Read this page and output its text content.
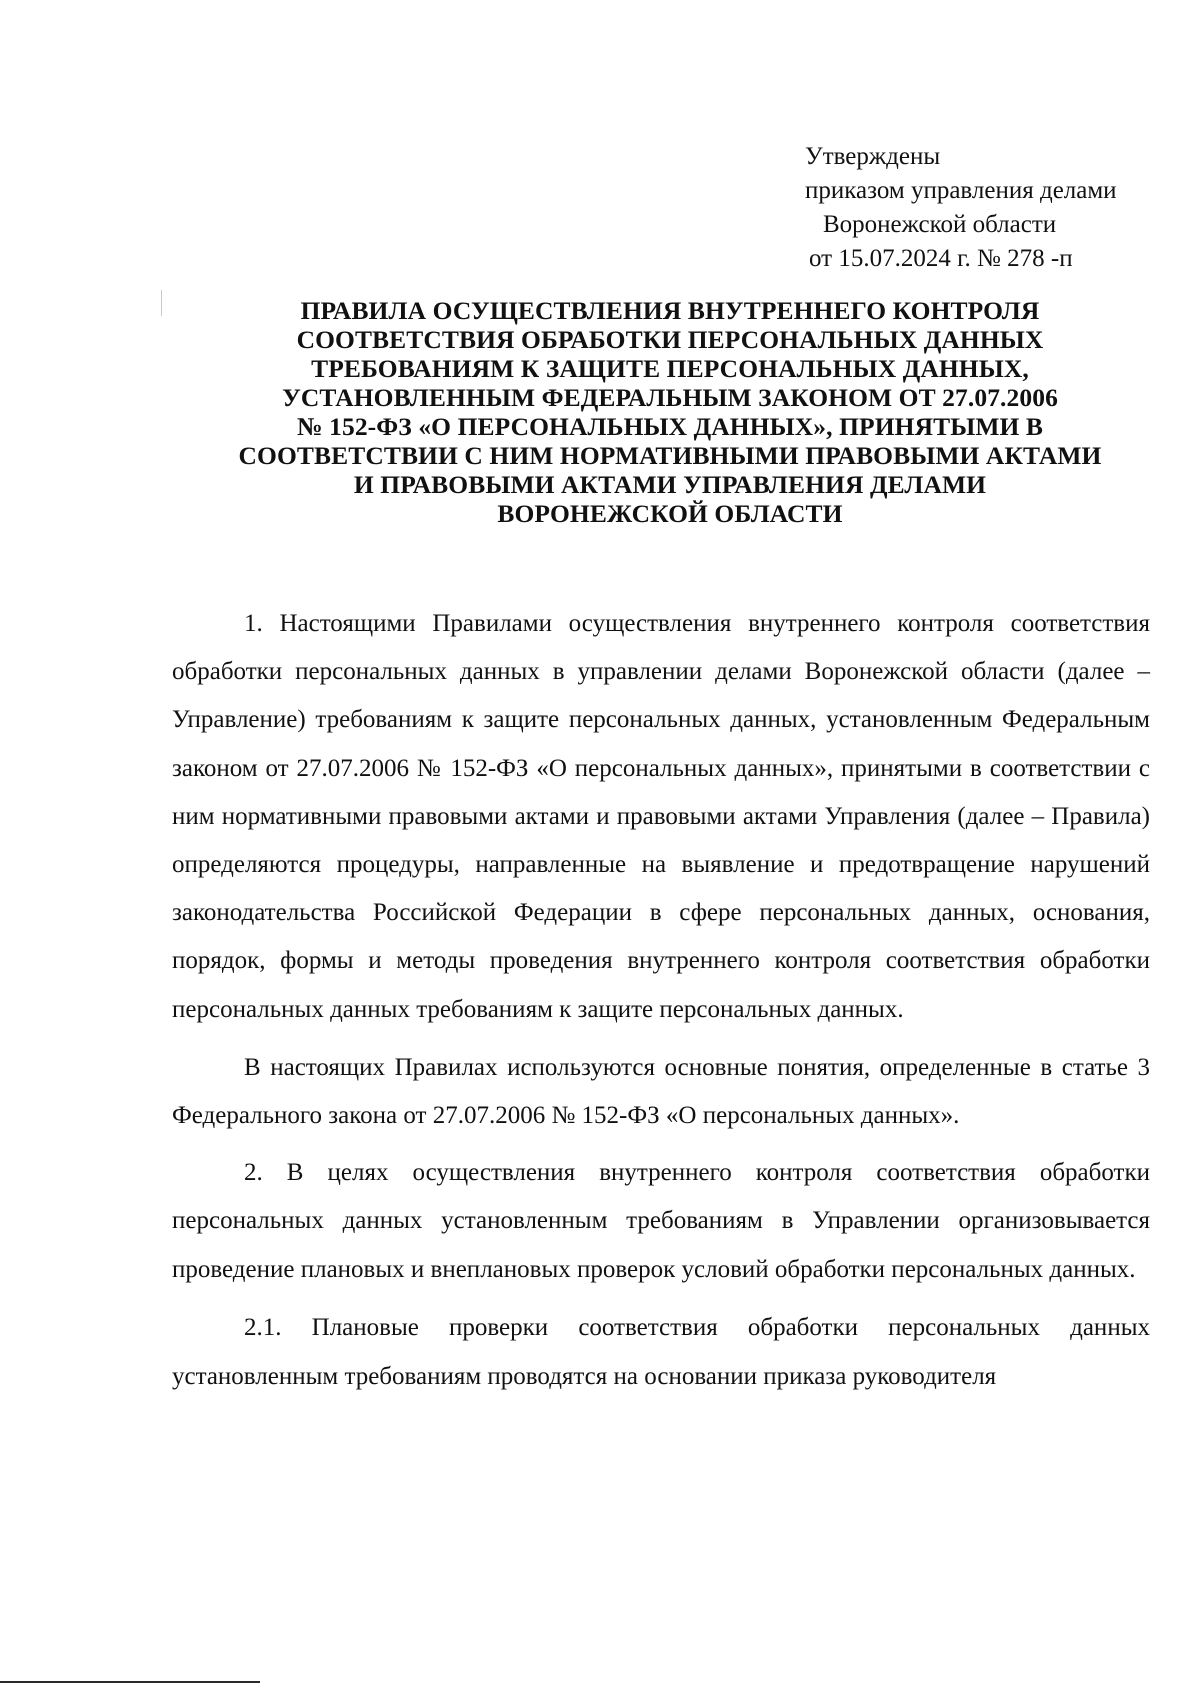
Утверждены
приказом управления делами
Воронежской области
от 15.07.2024 г. № 278 -п
ПРАВИЛА ОСУЩЕСТВЛЕНИЯ ВНУТРЕННЕГО КОНТРОЛЯ
СООТВЕТСТВИЯ ОБРАБОТКИ ПЕРСОНАЛЬНЫХ ДАННЫХ
ТРЕБОВАНИЯМ К ЗАЩИТЕ ПЕРСОНАЛЬНЫХ ДАННЫХ,
УСТАНОВЛЕННЫМ ФЕДЕРАЛЬНЫМ ЗАКОНОМ ОТ 27.07.2006
№ 152-ФЗ «О ПЕРСОНАЛЬНЫХ ДАННЫХ», ПРИНЯТЫМИ В
СООТВЕТСТВИИ С НИМ НОРМАТИВНЫМИ ПРАВОВЫМИ АКТАМИ
И ПРАВОВЫМИ АКТАМИ УПРАВЛЕНИЯ ДЕЛАМИ
ВОРОНЕЖСКОЙ ОБЛАСТИ

1. Настоящими Правилами осуществления внутреннего контроля соответствия обработки персональных данных в управлении делами Воронежской области (далее – Управление) требованиям к защите персональных данных, установленным Федеральным законом от 27.07.2006 № 152-ФЗ «О персональных данных», принятыми в соответствии с ним нормативными правовыми актами и правовыми актами Управления (далее – Правила) определяются процедуры, направленные на выявление и предотвращение нарушений законодательства Российской Федерации в сфере персональных данных, основания, порядок, формы и методы проведения внутреннего контроля соответствия обработки персональных данных требованиям к защите персональных данных.

В настоящих Правилах используются основные понятия, определенные в статье 3 Федерального закона от 27.07.2006 № 152-ФЗ «О персональных данных».

2. В целях осуществления внутреннего контроля соответствия обработки персональных данных установленным требованиям в Управлении организовывается проведение плановых и внеплановых проверок условий обработки персональных данных.

2.1. Плановые проверки соответствия обработки персональных данных установленным требованиям проводятся на основании приказа руководителя
